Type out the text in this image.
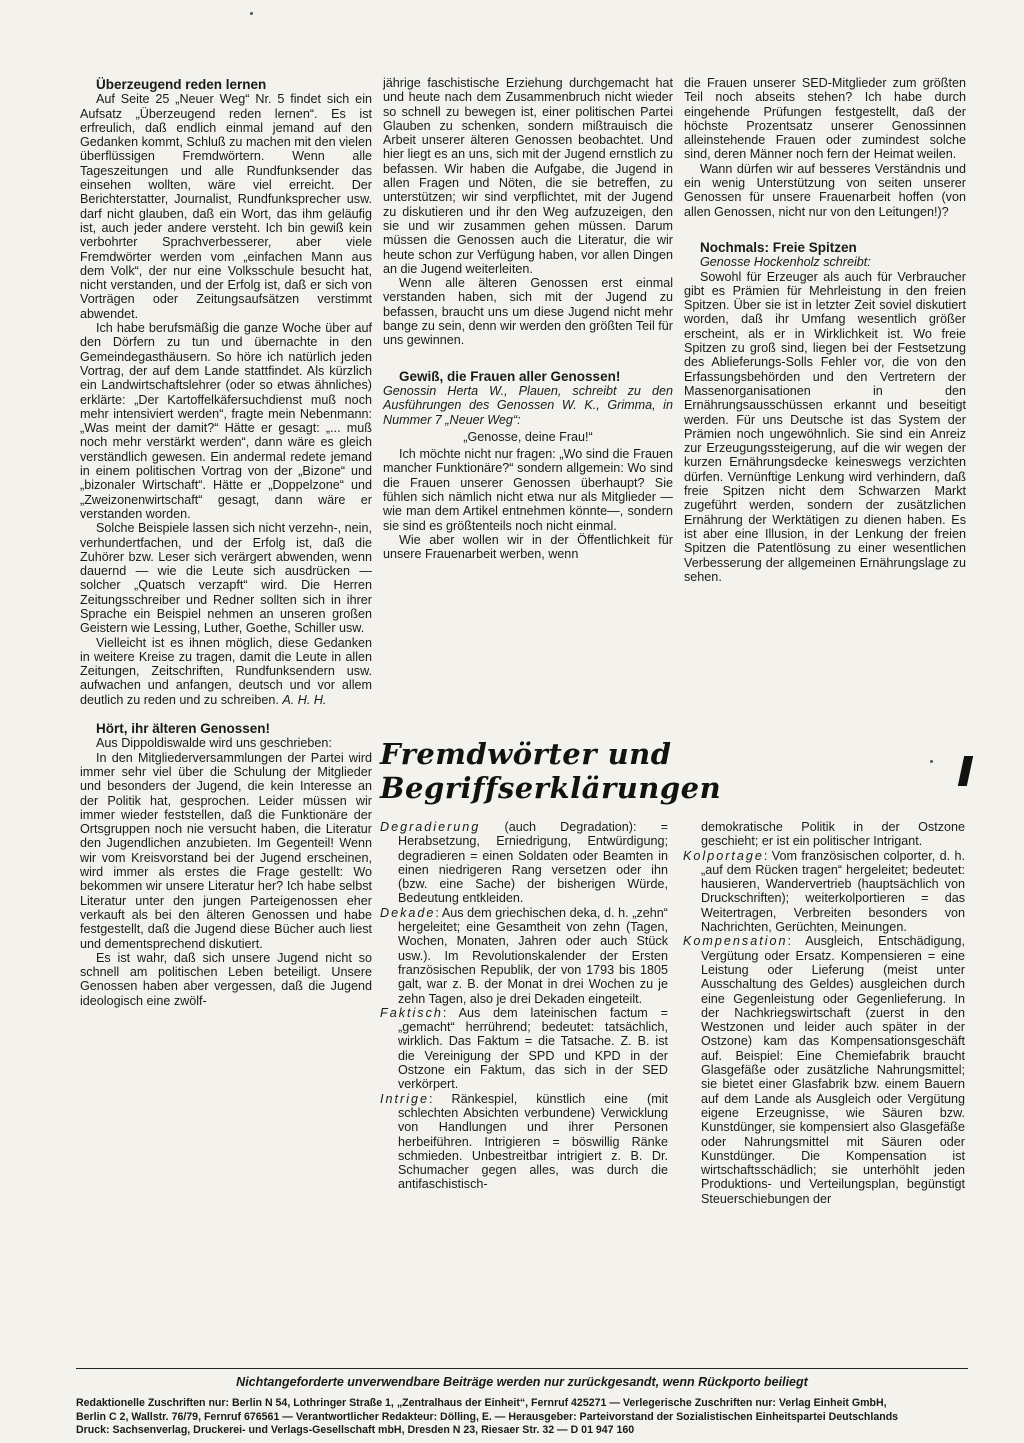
Überzeugend reden lernen

Auf Seite 25 „Neuer Weg“ Nr. 5 findet sich ein Aufsatz „Überzeugend reden lernen“. Es ist erfreulich, daß endlich einmal jemand auf den Gedanken kommt, Schluß zu machen mit den vielen überflüssigen Fremdwörtern. Wenn alle Tageszeitungen und alle Rundfunksender das einsehen wollten, wäre viel erreicht. Der Berichterstatter, Journalist, Rundfunksprecher usw. darf nicht glauben, daß ein Wort, das ihm geläufig ist, auch jeder andere versteht. Ich bin gewiß kein verbohrter Sprachverbesserer, aber viele Fremdwörter werden vom „einfachen Mann aus dem Volk“, der nur eine Volksschule besucht hat, nicht verstanden, und der Erfolg ist, daß er sich von Vorträgen oder Zeitungsaufsätzen verstimmt abwendet.

Ich habe berufsmäßig die ganze Woche über auf den Dörfern zu tun und übernachte in den Gemeindegasthäusern. So höre ich natürlich jeden Vortrag, der auf dem Lande stattfindet. Als kürzlich ein Landwirtschaftslehrer (oder so etwas ähnliches) erklärte: „Der Kartoffelkäfersuchdienst muß noch mehr intensiviert werden“, fragte mein Nebenmann: „Was meint der damit?“ Hätte er gesagt: „... muß noch mehr verstärkt werden“, dann wäre es gleich verständlich gewesen. Ein andermal redete jemand in einem politischen Vortrag von der „Bizone“ und „bizonaler Wirtschaft“. Hätte er „Doppelzone“ und „Zweizonenwirtschaft“ gesagt, dann wäre er verstanden worden.

Solche Beispiele lassen sich nicht verzehn-, nein, verhundertfachen, und der Erfolg ist, daß die Zuhörer bzw. Leser sich verärgert abwenden, wenn dauernd — wie die Leute sich ausdrücken — solcher „Quatsch verzapft“ wird. Die Herren Zeitungsschreiber und Redner sollten sich in ihrer Sprache ein Beispiel nehmen an unseren großen Geistern wie Lessing, Luther, Goethe, Schiller usw.

Vielleicht ist es ihnen möglich, diese Gedanken in weitere Kreise zu tragen, damit die Leute in allen Zeitungen, Zeitschriften, Rundfunksendern usw. aufwachen und anfangen, deutsch und vor allem deutlich zu reden und zu schreiben. A. H. H.

Hört, ihr älteren Genossen!

Aus Dippoldiswalde wird uns geschrieben:

In den Mitgliederversammlungen der Partei wird immer sehr viel über die Schulung der Mitglieder und besonders der Jugend, die kein Interesse an der Politik hat, gesprochen. Leider müssen wir immer wieder feststellen, daß die Funktionäre der Ortsgruppen noch nie versucht haben, die Literatur den Jugendlichen anzubieten. Im Gegenteil! Wenn wir vom Kreisvorstand bei der Jugend erscheinen, wird immer als erstes die Frage gestellt: Wo bekommen wir unsere Literatur her? Ich habe selbst Literatur unter den jungen Parteigenossen eher verkauft als bei den älteren Genossen und habe festgestellt, daß die Jugend diese Bücher auch liest und dementsprechend diskutiert.

Es ist wahr, daß sich unsere Jugend nicht so schnell am politischen Leben beteiligt. Unsere Genossen haben aber vergessen, daß die Jugend ideologisch eine zwölf-

jährige faschistische Erziehung durchgemacht hat und heute nach dem Zusammenbruch nicht wieder so schnell zu bewegen ist, einer politischen Partei Glauben zu schenken, sondern mißtrauisch die Arbeit unserer älteren Genossen beobachtet. Und hier liegt es an uns, sich mit der Jugend ernstlich zu befassen. Wir haben die Aufgabe, die Jugend in allen Fragen und Nöten, die sie betreffen, zu unterstützen; wir sind verpflichtet, mit der Jugend zu diskutieren und ihr den Weg aufzuzeigen, den sie und wir zusammen gehen müssen. Darum müssen die Genossen auch die Literatur, die wir heute schon zur Verfügung haben, vor allen Dingen an die Jugend weiterleiten.

Wenn alle älteren Genossen erst einmal verstanden haben, sich mit der Jugend zu befassen, braucht uns um diese Jugend nicht mehr bange zu sein, denn wir werden den größten Teil für uns gewinnen.

Gewiß, die Frauen aller Genossen!

Genossin Herta W., Plauen, schreibt zu den Ausführungen des Genossen W. K., Grimma, in Nummer 7 „Neuer Weg“:

„Genosse, deine Frau!“

Ich möchte nicht nur fragen: „Wo sind die Frauen mancher Funktionäre?“ sondern allgemein: Wo sind die Frauen unserer Genossen überhaupt? Sie fühlen sich nämlich nicht etwa nur als Mitglieder —wie man dem Artikel entnehmen könnte—, sondern sie sind es größtenteils noch nicht einmal.

Wie aber wollen wir in der Öffentlichkeit für unsere Frauenarbeit werben, wenn

die Frauen unserer SED-Mitglieder zum größten Teil noch abseits stehen? Ich habe durch eingehende Prüfungen festgestellt, daß der höchste Prozentsatz unserer Genossinnen alleinstehende Frauen oder zumindest solche sind, deren Männer noch fern der Heimat weilen.

Wann dürfen wir auf besseres Verständnis und ein wenig Unterstützung von seiten unserer Genossen für unsere Frauenarbeit hoffen (von allen Genossen, nicht nur von den Leitungen!)?

Nochmals: Freie Spitzen

Genosse Hockenholz schreibt:

Sowohl für Erzeuger als auch für Verbraucher gibt es Prämien für Mehrleistung in den freien Spitzen. Über sie ist in letzter Zeit soviel diskutiert worden, daß ihr Umfang wesentlich größer erscheint, als er in Wirklichkeit ist. Wo freie Spitzen zu groß sind, liegen bei der Festsetzung des Ablieferungs-Solls Fehler vor, die von den Erfassungsbehörden und den Vertretern der Massenorganisationen in den Ernährungsausschüssen erkannt und beseitigt werden. Für uns Deutsche ist das System der Prämien noch ungewöhnlich. Sie sind ein Anreiz zur Erzeugungssteigerung, auf die wir wegen der kurzen Ernährungsdecke keineswegs verzichten dürfen. Vernünftige Lenkung wird verhindern, daß freie Spitzen nicht dem Schwarzen Markt zugeführt werden, sondern der zusätzlichen Ernährung der Werktätigen zu dienen haben. Es ist aber eine Illusion, in der Lenkung der freien Spitzen die Patentlösung zu einer wesentlichen Verbesserung der allgemeinen Ernährungslage zu sehen.

Fremdwörter und Begriffserklärungen

Degradierung (auch Degradation): = Herabsetzung, Erniedrigung, Entwürdigung; degradieren = einen Soldaten oder Beamten in einen niedrigeren Rang versetzen oder ihn (bzw. eine Sache) der bisherigen Würde, Bedeutung entkleiden.

Dekade: Aus dem griechischen deka, d. h. „zehn“ hergeleitet; eine Gesamtheit von zehn (Tagen, Wochen, Monaten, Jahren oder auch Stück usw.). Im Revolutionskalender der Ersten französischen Republik, der von 1793 bis 1805 galt, war z. B. der Monat in drei Wochen zu je zehn Tagen, also je drei Dekaden eingeteilt.

Faktisch: Aus dem lateinischen factum = „gemacht“ herrührend; bedeutet: tatsächlich, wirklich. Das Faktum = die Tatsache. Z. B. ist die Vereinigung der SPD und KPD in der Ostzone ein Faktum, das sich in der SED verkörpert.

Intrige: Ränkespiel, künstlich eine (mit schlechten Absichten verbundene) Verwicklung von Handlungen und ihrer Personen herbeiführen. Intrigieren = böswillig Ränke schmieden. Unbestreitbar intrigiert z. B. Dr. Schumacher gegen alles, was durch die antifaschistisch-

demokratische Politik in der Ostzone geschieht; er ist ein politischer Intrigant.

Kolportage: Vom französischen colporter, d. h. „auf dem Rücken tragen“ hergeleitet; bedeutet: hausieren, Wandervertrieb (hauptsächlich von Druckschriften); weiterkolportieren = das Weitertragen, Verbreiten besonders von Nachrichten, Gerüchten, Meinungen.

Kompensation: Ausgleich, Entschädigung, Vergütung oder Ersatz. Kompensieren = eine Leistung oder Lieferung (meist unter Ausschaltung des Geldes) ausgleichen durch eine Gegenleistung oder Gegenlieferung. In der Nachkriegswirtschaft (zuerst in den Westzonen und leider auch später in der Ostzone) kam das Kompensationsgeschäft auf. Beispiel: Eine Chemiefabrik braucht Glasgefäße oder zusätzliche Nahrungsmittel; sie bietet einer Glasfabrik bzw. einem Bauern auf dem Lande als Ausgleich oder Vergütung eigene Erzeugnisse, wie Säuren bzw. Kunstdünger, sie kompensiert also Glasgefäße oder Nahrungsmittel mit Säuren oder Kunstdünger. Die Kompensation ist wirtschaftsschädlich; sie unterhöhlt jeden Produktions- und Verteilungsplan, begünstigt Steuerschiebungen der

Nichtangeforderte unverwendbare Beiträge werden nur zurückgesandt, wenn Rückporto beiliegt
Redaktionelle Zuschriften nur: Berlin N 54, Lothringer Straße 1, „Zentralhaus der Einheit“, Fernruf 425271 — Verlegerische Zuschriften nur: Verlag Einheit GmbH,
Berlin C 2, Wallstr. 76/79, Fernruf 676561 — Verantwortlicher Redakteur: Dölling, E. — Herausgeber: Parteivorstand der Sozialistischen Einheitspartei Deutschlands
Druck: Sachsenverlag, Druckerei- und Verlags-Gesellschaft mbH, Dresden N 23, Riesaer Str. 32 — D 01 947 160
